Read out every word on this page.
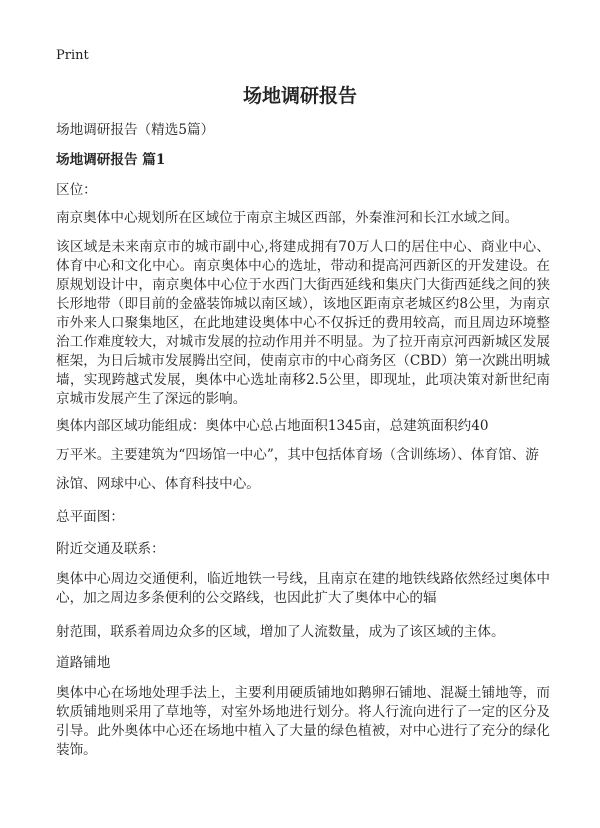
Print
场地调研报告

场地调研报告（精选5篇）

场地调研报告 篇1

区位：

南京奥体中心规划所在区域位于南京主城区西部，外秦淮河和长江水域之间。

该区域是未来南京市的城市副中心,将建成拥有70万人口的居住中心、商业中心、体育中心和文化中心。南京奥体中心的选址，带动和提高河西新区的开发建设。在原规划设计中，南京奥体中心位于水西门大街西延线和集庆门大街西延线之间的狭长形地带（即目前的金盛装饰城以南区域），该地区距南京老城区约8公里，为南京市外来人口聚集地区，在此地建设奥体中心不仅拆迁的费用较高，而且周边环境整治工作难度较大，对城市发展的拉动作用并不明显。为了拉开南京河西新城区发展框架，为日后城市发展腾出空间，使南京市的中心商务区（CBD）第一次跳出明城墙，实现跨越式发展，奥体中心选址南移2.5公里，即现址，此项决策对新世纪南京城市发展产生了深远的影响。

奥体内部区域功能组成：奥体中心总占地面积1345亩，总建筑面积约40

万平米。主要建筑为“四场馆一中心”，其中包括体育场（含训练场）、体育馆、游

泳馆、网球中心、体育科技中心。

总平面图：

附近交通及联系：

奥体中心周边交通便利，临近地铁一号线，且南京在建的地铁线路依然经过奥体中心，加之周边多条便利的公交路线，也因此扩大了奥体中心的辐

射范围，联系着周边众多的区域，增加了人流数量，成为了该区域的主体。

道路铺地

奥体中心在场地处理手法上，主要利用硬质铺地如鹅卵石铺地、混凝土铺地等，而软质铺地则采用了草地等，对室外场地进行划分。将人行流向进行了一定的区分及引导。此外奥体中心还在场地中植入了大量的绿色植被，对中心进行了充分的绿化装饰。
